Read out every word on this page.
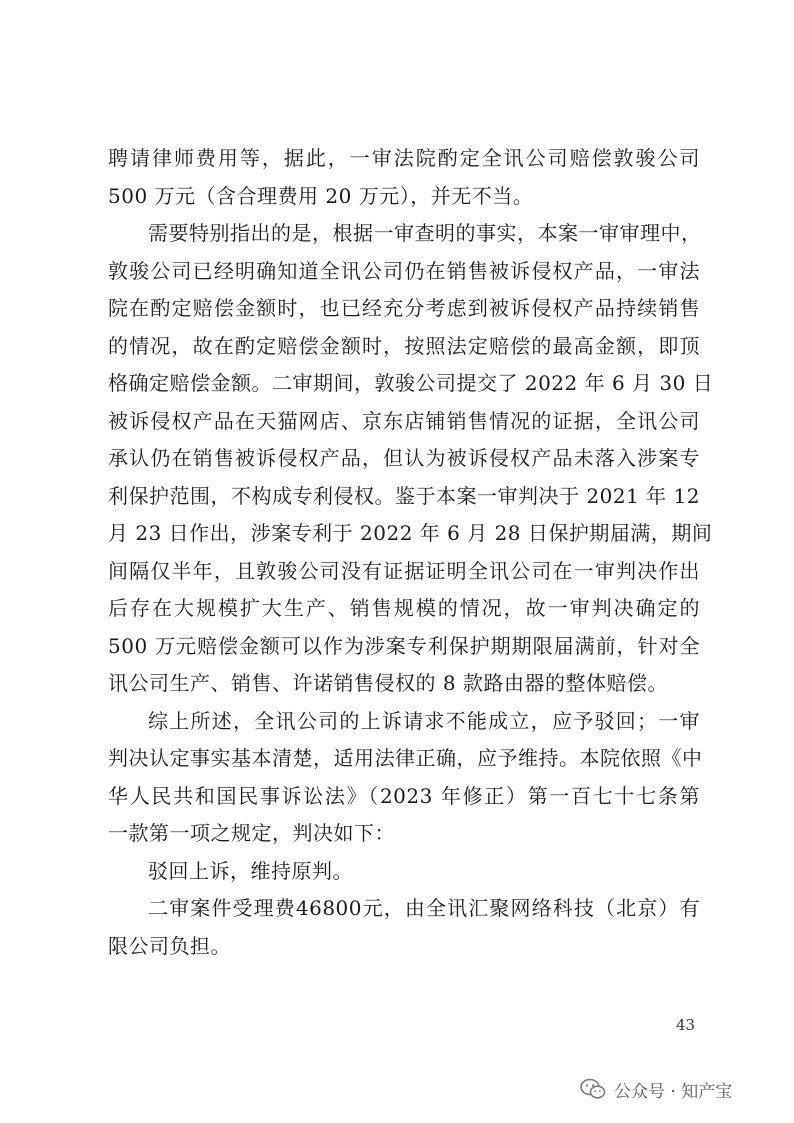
聘请律师费用等，据此，一审法院酌定全讯公司赔偿敦骏公司
500 万元（含合理费用 20 万元），并无不当。
需要特别指出的是，根据一审查明的事实，本案一审审理中，
敦骏公司已经明确知道全讯公司仍在销售被诉侵权产品，一审法
院在酌定赔偿金额时，也已经充分考虑到被诉侵权产品持续销售
的情况，故在酌定赔偿金额时，按照法定赔偿的最高金额，即顶
格确定赔偿金额。二审期间，敦骏公司提交了 2022 年 6 月 30 日
被诉侵权产品在天猫网店、京东店铺销售情况的证据，全讯公司
承认仍在销售被诉侵权产品，但认为被诉侵权产品未落入涉案专
利保护范围，不构成专利侵权。鉴于本案一审判决于 2021 年 12
月 23 日作出，涉案专利于 2022 年 6 月 28 日保护期届满，期间
间隔仅半年，且敦骏公司没有证据证明全讯公司在一审判决作出
后存在大规模扩大生产、销售规模的情况，故一审判决确定的
500 万元赔偿金额可以作为涉案专利保护期期限届满前，针对全
讯公司生产、销售、许诺销售侵权的 8 款路由器的整体赔偿。
综上所述，全讯公司的上诉请求不能成立，应予驳回；一审
判决认定事实基本清楚，适用法律正确，应予维持。本院依照《中
华人民共和国民事诉讼法》（2023 年修正）第一百七十七条第
一款第一项之规定，判决如下：
驳回上诉，维持原判。
二审案件受理费46800元，由全讯汇聚网络科技（北京）有
限公司负担。
43
公众号 · 知产宝
